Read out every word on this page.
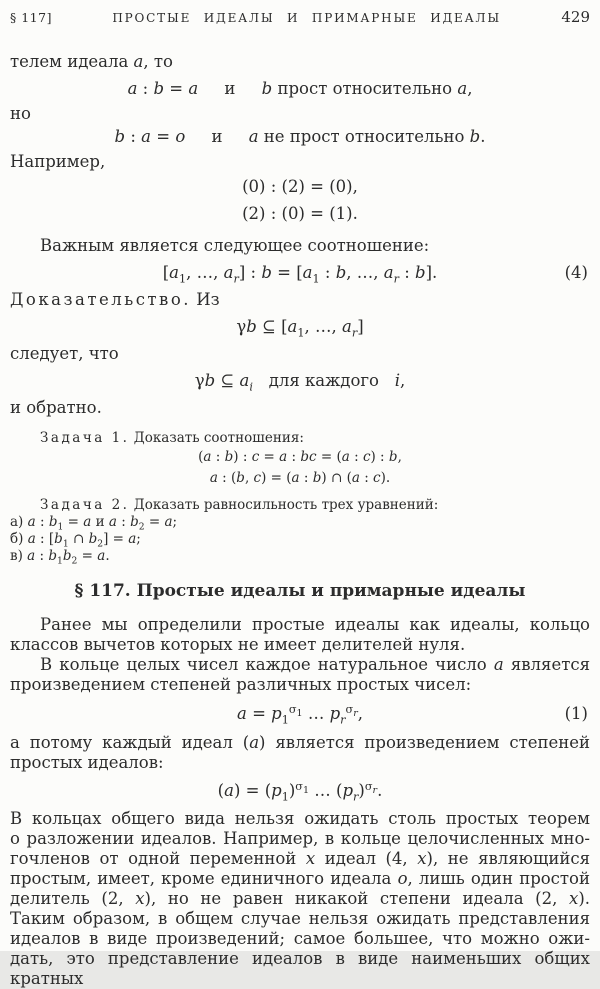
§ 117]	ПРОСТЫЕ ИДЕАЛЫ И ПРИМАРНЫЕ ИДЕАЛЫ	429
телем идеала a, то
a : b = a     и     b прост относительно a,
но
b : a = o     и     a не прост относительно b.
Например,
(0) : (2) = (0),
(2) : (0) = (1).
Важным является следующее соотношение:
[$a_1$, …, $a_r$] : $b = [a_1$ : b, …, $a_r$ : b].	(4)
Доказательство. Из
γb ⊆ [$a_1$, …, $a_r$]
следует, что
γb ⊆ $a_i$   для каждого   i,
и обратно.
Задача 1. Доказать соотношения:
(a : b) : c = a : bc = (a : c) : b,
a : (b, c) = (a : b) ∩ (a : c).
Задача 2. Доказать равносильность трех уравнений:
а) a : $b_1 = a$ и a : $b_2 = a$;
б) a : [$b_1$ ∩ $b_2] = a$;
в) a : $b_1b_2 = a$.
§ 117. Простые идеалы и примарные идеалы
Ранее мы определили простые идеалы как идеалы, кольцо
классов вычетов которых не имеет делителей нуля.
В кольце целых чисел каждое натуральное число a является
произведением степеней различных простых чисел:
$a = p_1^{\sigma_1}$ … $p_r^{\sigma_r}$,	(1)
а потому каждый идеал (a) является произведением степеней
простых идеалов:
$(a) = (p_1)^{\sigma_1}$ … $(p_r)^{\sigma_r}$.
В кольцах общего вида нельзя ожидать столь простых теорем
о разложении идеалов. Например, в кольце целочисленных мно-
гочленов от одной переменной x идеал (4, x), не являющийся
простым, имеет, кроме единичного идеала o, лишь один простой
делитель (2, x), но не равен никакой степени идеала (2, x).
Таким образом, в общем случае нельзя ожидать представления
идеалов в виде произведений; самое большее, что можно ожи-
дать, это представление идеалов в виде наименьших общих кратных
